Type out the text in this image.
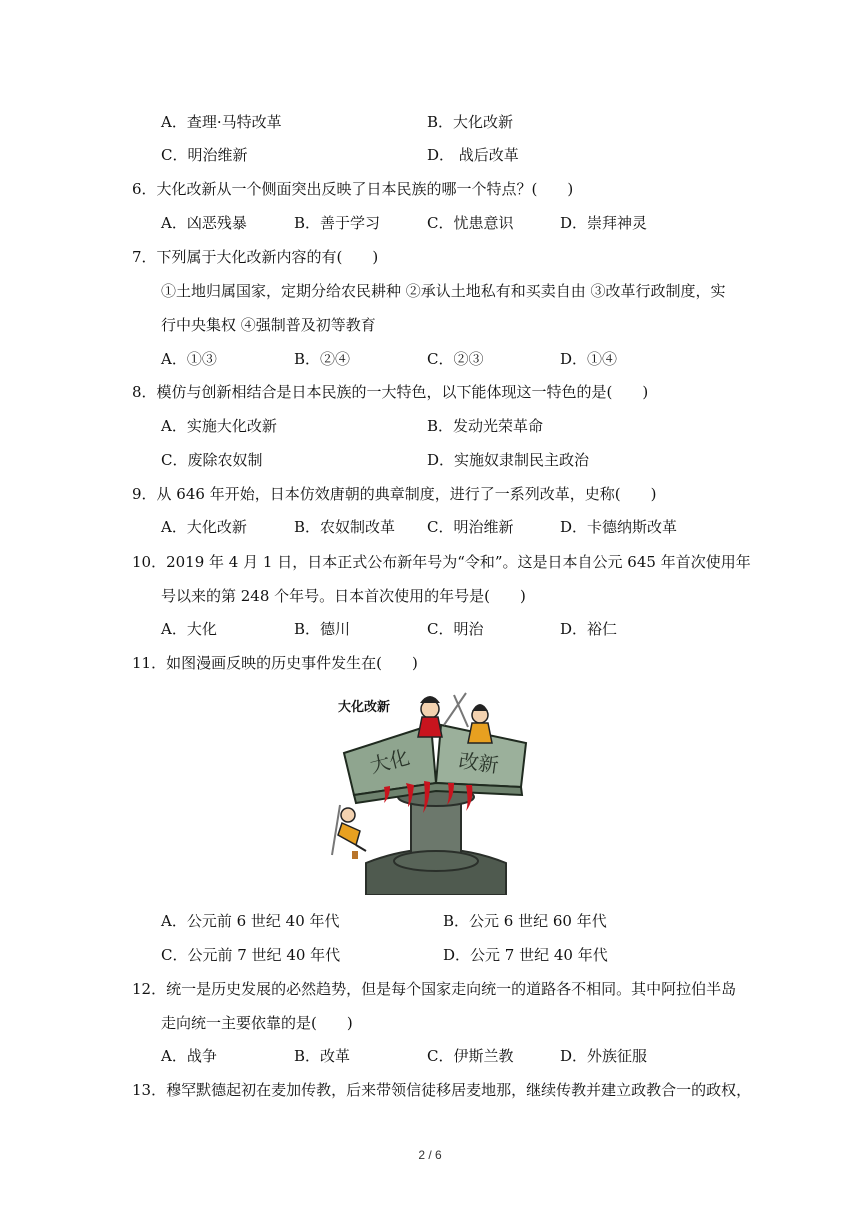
A．查理·马特改革	B．大化改新
C．明治维新	D． 战后改革
6．大化改新从一个侧面突出反映了日本民族的哪一个特点？(　　)
A．凶恶残暴	B．善于学习	C．忧患意识	D．崇拜神灵
7．下列属于大化改新内容的有(　　)
①土地归属国家，定期分给农民耕种 ②承认土地私有和买卖自由 ③改革行政制度，实
行中央集权 ④强制普及初等教育
A．①③	B．②④	C．②③	D．①④
8．模仿与创新相结合是日本民族的一大特色，以下能体现这一特色的是(　　)
A．实施大化改新	B．发动光荣革命
C．废除农奴制	D．实施奴隶制民主政治
9．从 646 年开始，日本仿效唐朝的典章制度，进行了一系列改革，史称(　　)
A．大化改新	B．农奴制改革 C．明治维新	D．卡德纳斯改革
10．2019 年 4 月 1 日，日本正式公布新年号为“令和”。这是日本自公元 645 年首次使用年
号以来的第 248 个年号。日本首次使用的年号是(　　)
A．大化	B．德川	C．明治	D．裕仁
11．如图漫画反映的历史事件发生在(　　)
大化 改新
大化改新
A．公元前 6 世纪 40 年代	B．公元 6 世纪 60 年代
C．公元前 7 世纪 40 年代	D．公元 7 世纪 40 年代
12．统一是历史发展的必然趋势，但是每个国家走向统一的道路各不相同。其中阿拉伯半岛
走向统一主要依靠的是(　　)
A．战争	B．改革	C．伊斯兰教	D．外族征服
13．穆罕默德起初在麦加传教，后来带领信徒移居麦地那，继续传教并建立政教合一的政权，
2 / 6
